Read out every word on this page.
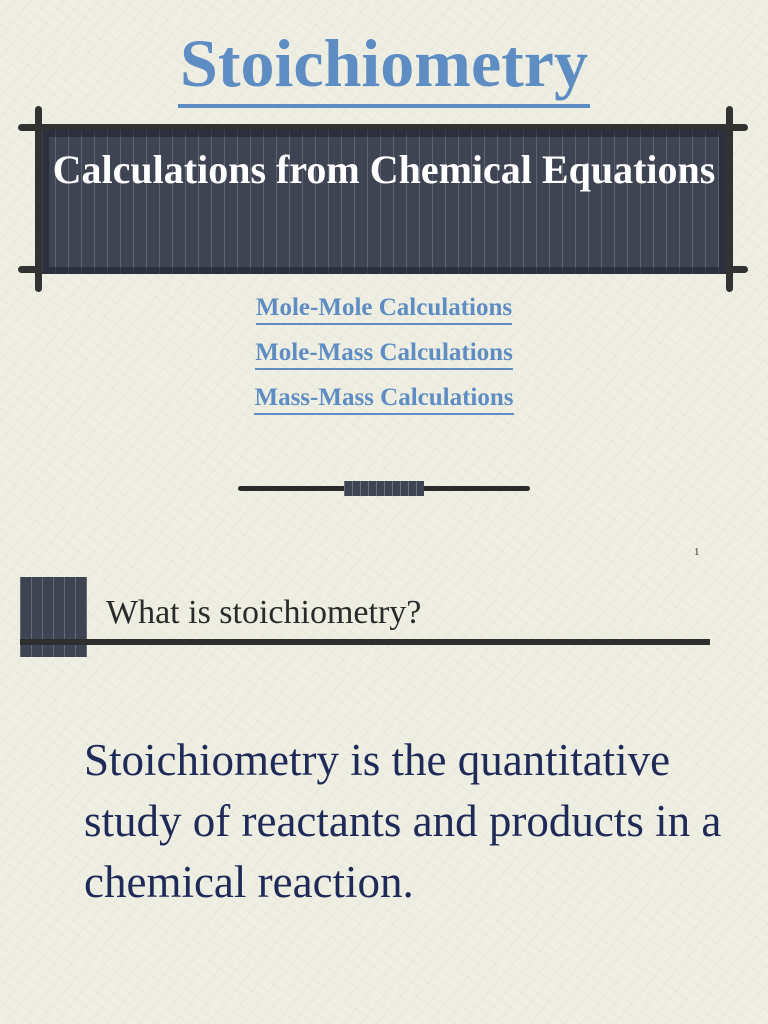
Stoichiometry
Calculations from Chemical Equations
Mole-Mole Calculations
Mole-Mass Calculations
Mass-Mass Calculations
1
What is stoichiometry?

Stoichiometry is the quantitative study of reactants and products in a chemical reaction.
